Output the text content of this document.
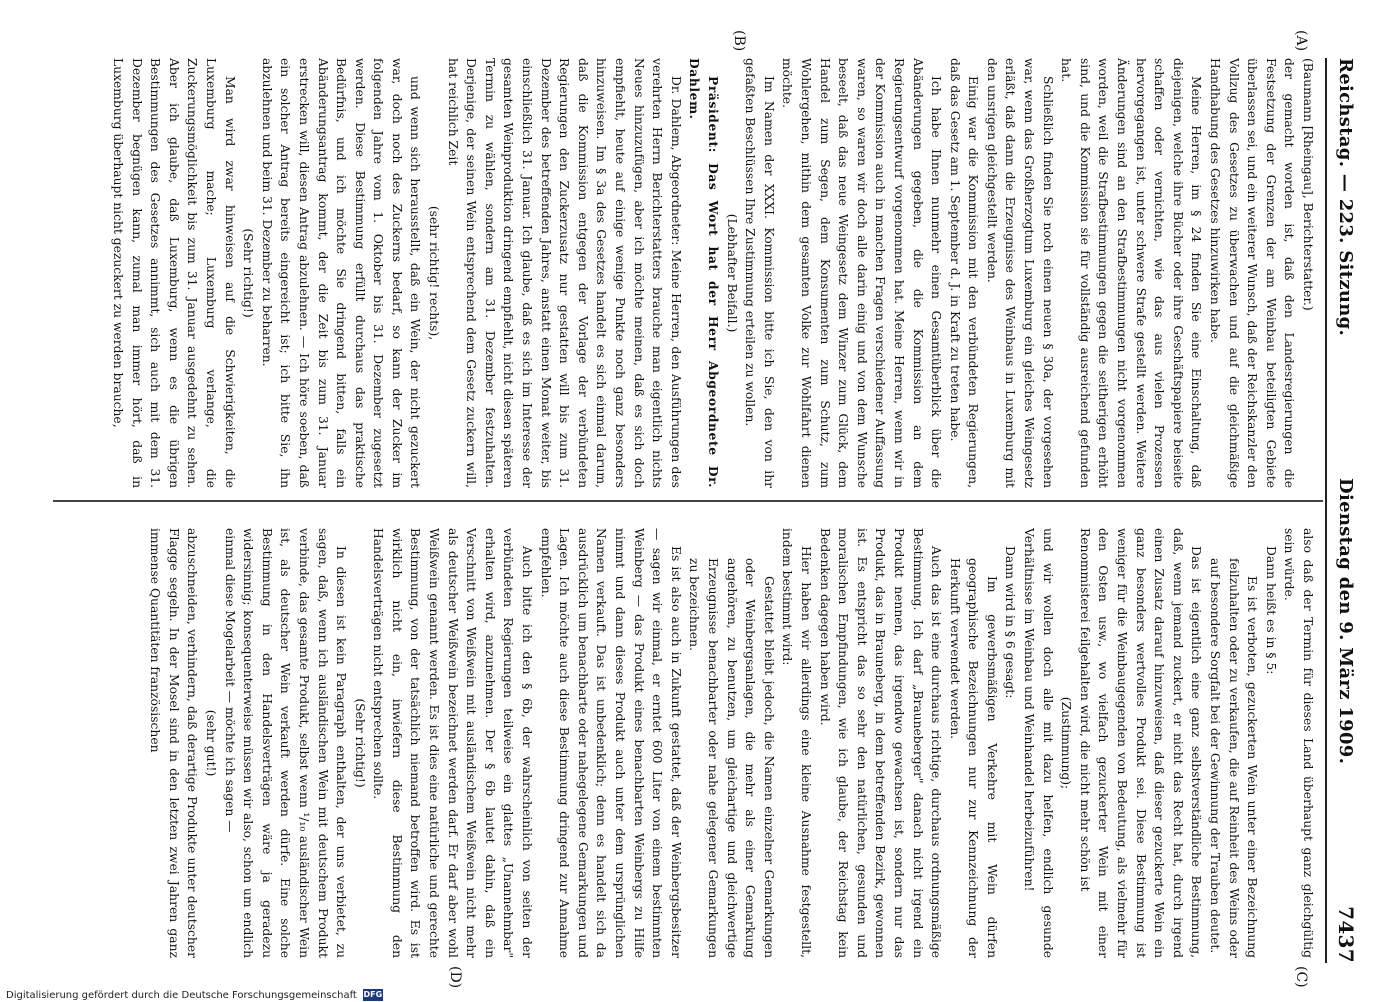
Reichstag. — 223. Sitzung.
Dienstag den 9. März 1909.
7437
(A)
(B)
(C)
(D)

(Baumann [Rheingau], Berichterstatter.)

der gemacht worden ist, daß den Landesregierungen die Festsetzung der Grenzen der am Weinbau beteiligten Gebiete überlassen sei, und ein weiterer Wunsch, daß der Reichskanzler den Vollzug des Gesetzes zu überwachen und auf die gleichmäßige Handhabung des Gesetzes hinzuwirken habe.

Meine Herren, im § 24 finden Sie eine Einschaltung, daß diejenigen, welche ihre Bücher oder ihre Geschäftspapiere beiseite schaffen oder vernichten, wie das aus vielen Prozessen hervorgegangen ist, unter schwere Strafe gestellt werden. Weitere Änderungen sind an den Strafbestimmungen nicht vorgenommen worden, weil die Strafbestimmungen gegen die seitherigen erhöht sind, und die Kommission sie für vollständig ausreichend gefunden hat.

Schließlich finden Sie noch einen neuen § 30a, der vorgesehen war, wenn das Großherzogtum Luxemburg ein gleiches Weingesetz erläßt, daß dann die Erzeugnisse des Weinbaus in Luxemburg mit den unsrigen gleichgestellt werden.

Einig war die Kommission mit den verbündeten Regierungen, daß das Gesetz am 1. September d. J. in Kraft zu treten habe.

Ich habe Ihnen nunmehr einen Gesamtüberblick über die Abänderungen gegeben, die die Kommission an dem Regierungsentwurf vorgenommen hat. Meine Herren, wenn wir in der Kommission auch in manchen Fragen verschiedener Auffassung waren, so waren wir doch alle darin einig und von dem Wunsche beseelt, daß das neue Weingesetz dem Winzer zum Glück, dem Handel zum Segen, dem Konsumenten zum Schutz, zum Wohlergehen, mithin dem gesamten Volke zur Wohlfahrt dienen möchte.

Im Namen der XXXI. Kommission bitte ich Sie, den von ihr gefaßten Beschlüssen Ihre Zustimmung erteilen zu wollen.

(Lebhafter Beifall.)

Präsident: Das Wort hat der Herr Abgeordnete Dr. Dahlem.

Dr. Dahlem, Abgeordneter: Meine Herren, den Ausführungen des verehrten Herrn Berichterstatters brauche man eigentlich nichts Neues hinzuzufügen, aber ich möchte meinen, daß es sich doch empfiehlt, heute auf einige wenige Punkte noch ganz besonders hinzuweisen. Im § 3a des Gesetzes handelt es sich einmal darum, daß die Kommission entgegen der Vorlage der verbündeten Regierungen den Zuckerzusatz nur gestatten will bis zum 31. Dezember des betreffenden Jahres, anstatt einen Monat weiter, bis einschließlich 31. Januar. Ich glaube, daß es sich im Interesse der gesamten Weinproduktion dringend empfiehlt, nicht diesen späteren Termin zu wählen, sondern am 31. Dezember festzuhalten. Derjenige, der seinen Wein entsprechend dem Gesetz zuckern will, hat reichlich Zeit

(sehr richtig! rechts),

und wenn sich herausstellt, daß ein Wein, der nicht gezuckert war, doch noch des Zuckerns bedarf, so kann der Zucker im folgenden Jahre vom 1. Oktober bis 31. Dezember zugesetzt werden. Diese Bestimmung erfüllt durchaus das praktische Bedürfnis, und ich möchte Sie dringend bitten, falls ein Abänderungsantrag kommt, der die Zeit bis zum 31. Januar erstrecken will, diesen Antrag abzulehnen. — Ich höre soeben, daß ein solcher Antrag bereits eingereicht ist; ich bitte Sie, ihn abzulehnen und beim 31. Dezember zu beharren.

(Sehr richtig!)

Man wird zwar hinweisen auf die Schwierigkeiten, die Luxemburg mache; Luxemburg verlange, die Zuckerungsmöglichkeit bis zum 31. Januar ausgedehnt zu sehen. Aber ich glaube, daß Luxemburg, wenn es die übrigen Bestimmungen des Gesetzes annimmt, sich auch mit dem 31. Dezember begnügen kann, zumal man immer hört, daß in Luxemburg überhaupt nicht gezuckert zu werden brauche,

also daß der Termin für dieses Land überhaupt ganz gleichgültig sein würde.

Dann heißt es in § 5:

Es ist verboten, gezuckerten Wein unter einer Bezeichnung feilzuhalten oder zu verkaufen, die auf Reinheit des Weins oder auf besondere Sorgfalt bei der Gewinnung der Trauben deutet.

Das ist eigentlich eine ganz selbstverständliche Bestimmung, daß, wenn jemand zuckert, er nicht das Recht hat, durch irgend einen Zusatz darauf hinzuweisen, daß dieser gezuckerte Wein ein ganz besonders wertvolles Produkt sei. Diese Bestimmung ist weniger für die Weinbaugegenden von Bedeutung, als vielmehr für den Osten usw., wo vielfach gezuckerter Wein mit einer Renommisterei feilgehalten wird, die nicht mehr schön ist

(Zustimmung);

und wir wollen doch alle mit dazu helfen, endlich gesunde Verhältnisse im Weinbau und Weinhandel herbeizuführen!

Dann wird in § 6 gesagt:

Im gewerbsmäßigen Verkehre mit Wein dürfen geographische Bezeichnungen nur zur Kennzeichnung der Herkunft verwendet werden.

Auch das ist eine durchaus richtige, durchaus ordnungsmäßige Bestimmung. Ich darf „Brauneberger" danach nicht irgend ein Produkt nennen, das irgendwo gewachsen ist, sondern nur das Produkt, das in Brauneberg, in dem betreffenden Bezirk, gewonnen ist. Es entspricht das so sehr den natürlichen, gesunden und moralischen Empfindungen, wie ich glaube, der Reichstag kein Bedenken dagegen haben wird.

Hier haben wir allerdings eine kleine Ausnahme festgestellt, indem bestimmt wird:

Gestattet bleibt jedoch, die Namen einzelner Gemarkungen oder Weinbergsanlagen, die mehr als einer Gemarkung angehören, zu benutzen, um gleichartige und gleichwertige Erzeugnisse benachbarter oder nahe gelegener Gemarkungen zu bezeichnen.

Es ist also auch in Zukunft gestattet, daß der Weinbergsbesitzer — sagen wir einmal, er erntet 600 Liter von einem bestimmten Weinberg — das Produkt eines benachbarten Weinbergs zu Hilfe nimmt und dann dieses Produkt auch unter dem ursprünglichen Namen verkauft. Das ist unbedenklich; denn es handelt sich da ausdrücklich um benachbarte oder nahegelegene Gemarkungen und Lagen. Ich möchte auch diese Bestimmung dringend zur Annahme empfehlen.

Auch bitte ich den § 6b, der wahrscheinlich von seiten der verbündeten Regierungen teilweise ein glattes „Unannehmbar" erhalten wird, anzunehmen. Der § 6b lautet dahin, daß ein Verschnitt von Weißwein mit ausländischem Weißwein nicht mehr als deutscher Weißwein bezeichnet werden darf. Er darf aber wohl Weißwein genannt werden. Es ist dies eine natürliche und gerechte Bestimmung, von der tatsächlich niemand betroffen wird. Es ist wirklich nicht ein, inwiefern diese Bestimmung den Handelsverträgen nicht entsprechen sollte.

(Sehr richtig!)

In diesen ist kein Paragraph enthalten, der uns verbietet, zu sagen, daß, wenn ich ausländischen Wein mit deutschem Produkt verbinde, das gesamte Produkt, selbst wenn ¹/₁₀ ausländischer Wein ist, als deutscher Wein verkauft werden dürfe. Eine solche Bestimmung in den Handelsverträgen wäre ja geradezu widersinnig; konsequenterweise müssen wir also, schon um endlich einmal diese Mogelarbeit — möchte ich sagen —

(sehr gut!)

abzuschneiden, verhindern, daß derartige Produkte unter deutscher Flagge segeln. In der Mosel sind in den letzten zwei Jahren ganz immense Quantitäten französischen

Digitalisierung gefördert durch die Deutsche Forschungsgemeinschaft DFG
